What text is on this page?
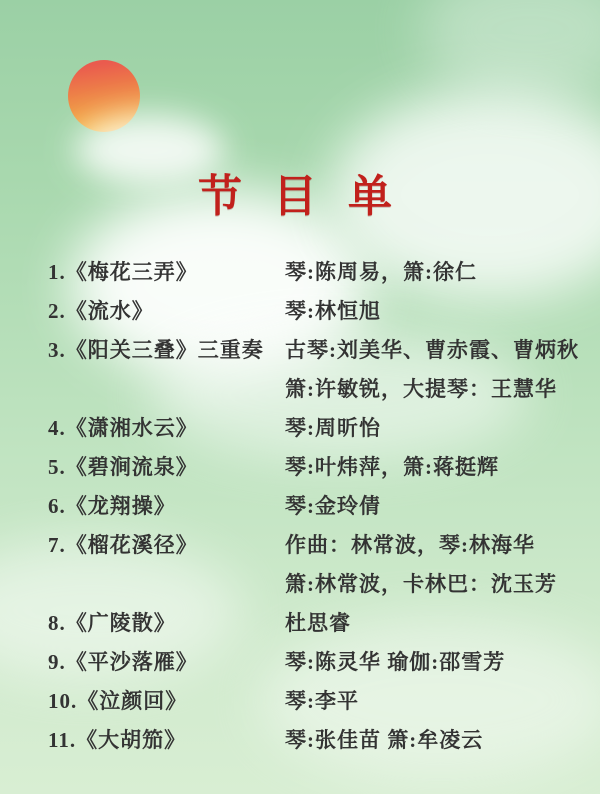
节 目 单
1.《梅花三弄》	琴:陈周易，箫:徐仁
2.《流水》	琴:林恒旭
3.《阳关三叠》三重奏	古琴:刘美华、曹赤霞、曹炳秋
箫:许敏锐，大提琴：王慧华
4.《潇湘水云》	琴:周昕怡
5.《碧涧流泉》	琴:叶炜萍，箫:蒋挺辉
6.《龙翔操》	琴:金玲倩
7.《榴花溪径》	作曲：林常波，琴:林海华
箫:林常波，卡林巴：沈玉芳
8.《广陵散》	杜思睿
9.《平沙落雁》	琴:陈灵华 瑜伽:邵雪芳
10.《泣颜回》	琴:李平
11.《大胡笳》	琴:张佳苗 箫:牟凌云
